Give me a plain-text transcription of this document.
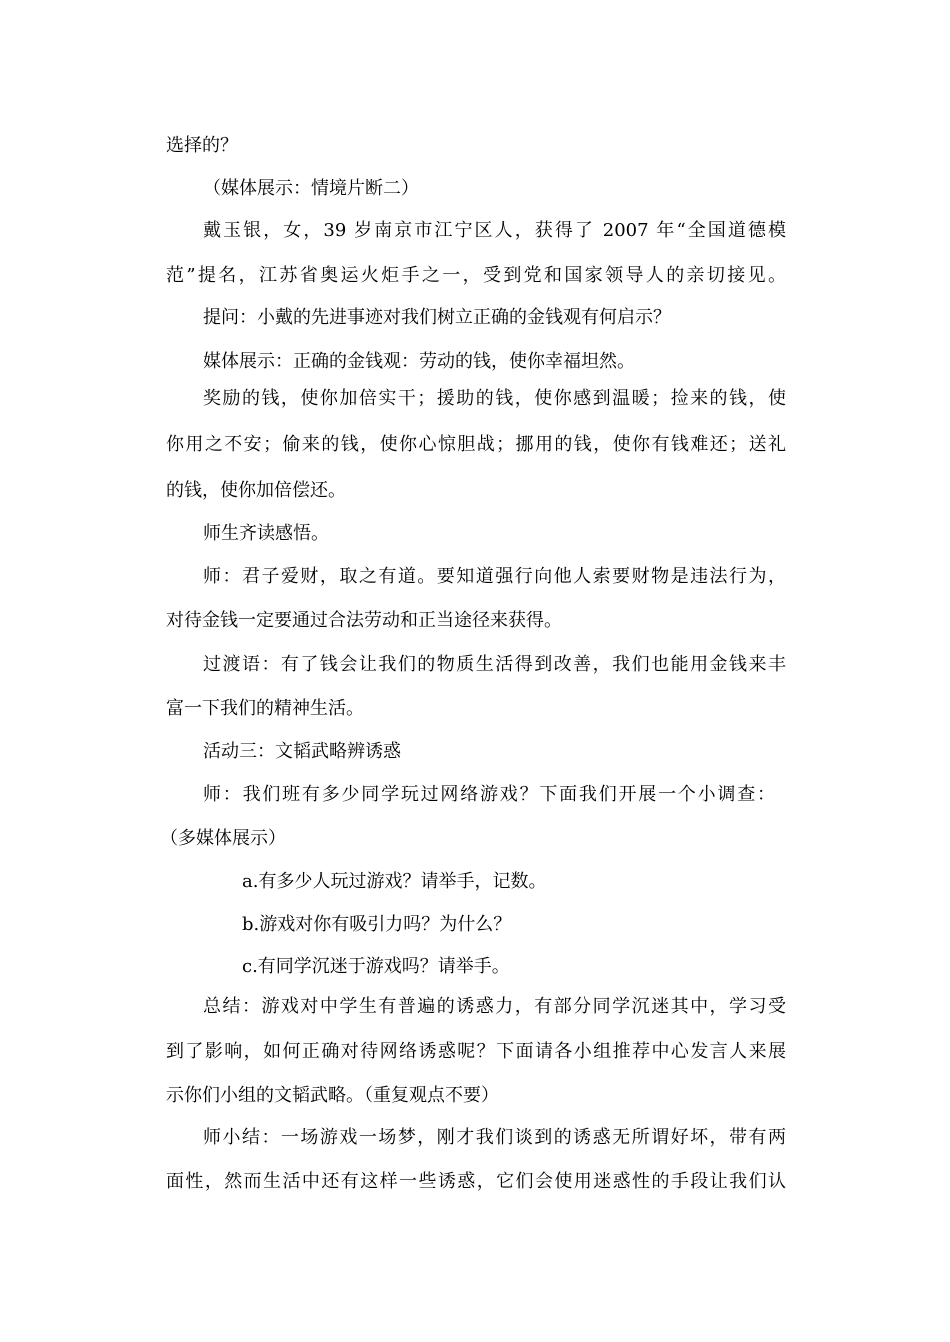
选择的？

（媒体展示：情境片断二）

戴玉银，女，39 岁南京市江宁区人，获得了 2007 年“全国道德模

范”提名，江苏省奥运火炬手之一，受到党和国家领导人的亲切接见。

提问：小戴的先进事迹对我们树立正确的金钱观有何启示？

媒体展示：正确的金钱观：劳动的钱，使你幸福坦然。

奖励的钱，使你加倍实干；援助的钱，使你感到温暖；捡来的钱，使

你用之不安；偷来的钱，使你心惊胆战；挪用的钱，使你有钱难还；送礼

的钱，使你加倍偿还。

师生齐读感悟。

师：君子爱财，取之有道。要知道强行向他人索要财物是违法行为，

对待金钱一定要通过合法劳动和正当途径来获得。

过渡语：有了钱会让我们的物质生活得到改善，我们也能用金钱来丰

富一下我们的精神生活。

活动三：文韬武略辨诱惑

师：我们班有多少同学玩过网络游戏？下面我们开展一个小调查：

（多媒体展示）

a.有多少人玩过游戏？请举手，记数。

b.游戏对你有吸引力吗？为什么？

c.有同学沉迷于游戏吗？请举手。

总结：游戏对中学生有普遍的诱惑力，有部分同学沉迷其中，学习受

到了影响，如何正确对待网络诱惑呢？下面请各小组推荐中心发言人来展

示你们小组的文韬武略。（重复观点不要）

师小结：一场游戏一场梦，刚才我们谈到的诱惑无所谓好坏，带有两

面性，然而生活中还有这样一些诱惑，它们会使用迷惑性的手段让我们认
